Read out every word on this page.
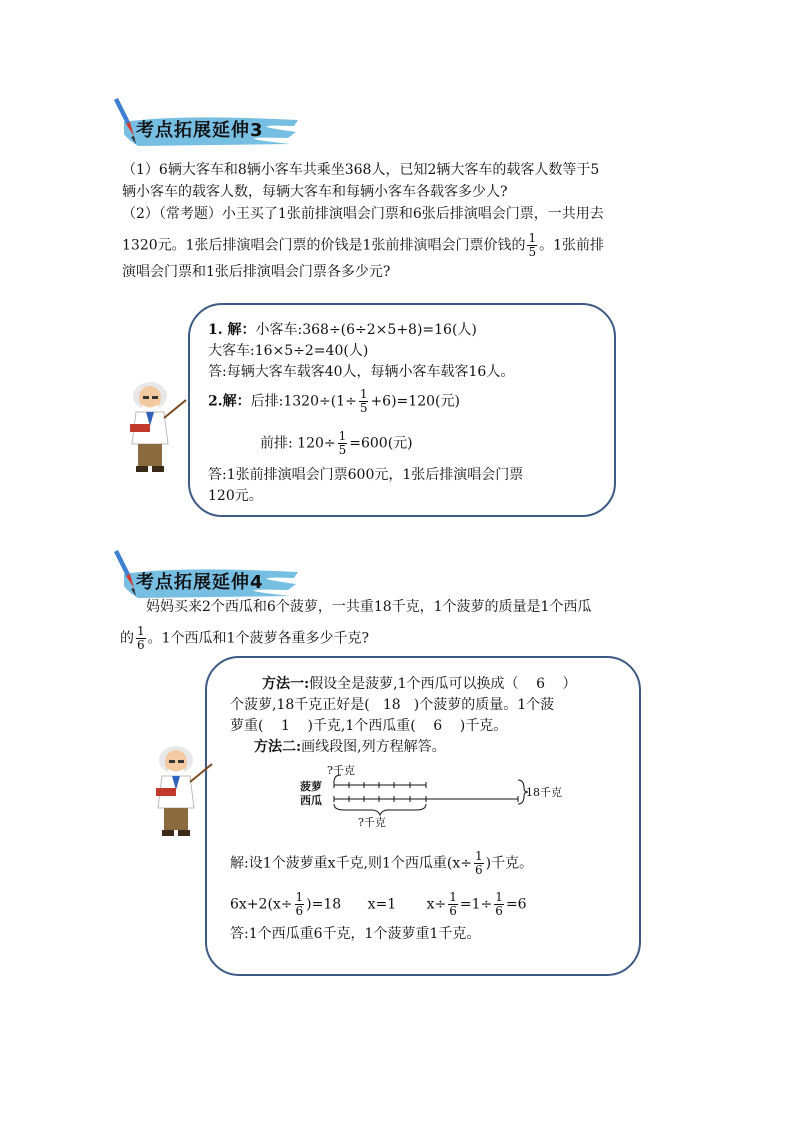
考点拓展延伸3
（1）6辆大客车和8辆小客车共乘坐368人，已知2辆大客车的载客人数等于5
辆小客车的载客人数，每辆大客车和每辆小客车各载客多少人?
（2）（常考题）小王买了1张前排演唱会门票和6张后排演唱会门票，一共用去
1320元。1张后排演唱会门票的价钱是1张前排演唱会门票价钱的 $\frac{1}{5}$ 。1张前排
演唱会门票和1张后排演唱会门票各多少元?
1. 解：小客车:368÷(6÷2×5+8)=16(人)
大客车:16×5÷2=40(人)
答:每辆大客车载客40人，每辆小客车载客16人。
2.解：后排:1320÷(1÷ $\frac{1}{5} +6)=120$(元)
前排: $120\div \frac{1}{5} =600$(元)
答:1张前排演唱会门票600元，1张后排演唱会门票
120元。
考点拓展延伸4
妈妈买来2个西瓜和6个菠萝，一共重18千克，1个菠萝的质量是1个西瓜
的 $\frac{1}{6}$ 。1个西瓜和1个菠萝各重多少千克?
方法一:假设全是菠萝,1个西瓜可以换成（ 6 ）
个菠萝,18千克正好是( 18 )个菠萝的质量。1个菠
萝重( 1 )千克,1个西瓜重( 6 )千克。
方法二:画线段图,列方程解答。
?千克
菠萝
西瓜
18千克
?千克
解:设1个菠萝重x千克,则1个西瓜重($x\div \frac{1}{6}$ )千克。
$6x+2(x\div \frac{1}{6} )=18$ x=1 $x\div \frac{1}{6} =1\div \frac{1}{6} =6$
答:1个西瓜重6千克，1个菠萝重1千克。
